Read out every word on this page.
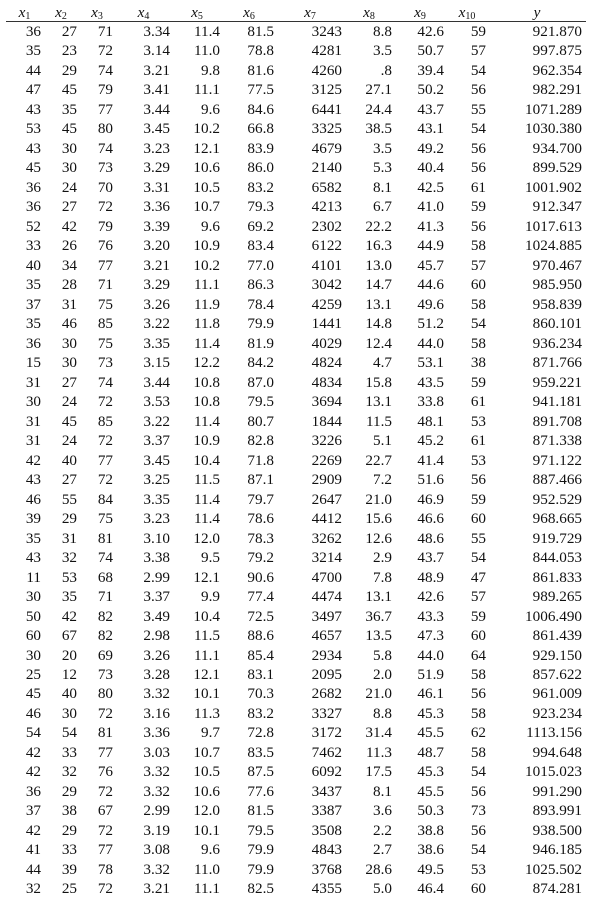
$x_1$	$x_2$	$x_3$	$x_4$	$x_5$	$x_6$	$x_7$	$x_8$	$x_9$	$x_{10}$	y
36	27	71	3.34	11.4	81.5	3243	8.8	42.6	59	921.870
35	23	72	3.14	11.0	78.8	4281	3.5	50.7	57	997.875
44	29	74	3.21	9.8	81.6	4260	.8	39.4	54	962.354
47	45	79	3.41	11.1	77.5	3125	27.1	50.2	56	982.291
43	35	77	3.44	9.6	84.6	6441	24.4	43.7	55	1071.289
53	45	80	3.45	10.2	66.8	3325	38.5	43.1	54	1030.380
43	30	74	3.23	12.1	83.9	4679	3.5	49.2	56	934.700
45	30	73	3.29	10.6	86.0	2140	5.3	40.4	56	899.529
36	24	70	3.31	10.5	83.2	6582	8.1	42.5	61	1001.902
36	27	72	3.36	10.7	79.3	4213	6.7	41.0	59	912.347
52	42	79	3.39	9.6	69.2	2302	22.2	41.3	56	1017.613
33	26	76	3.20	10.9	83.4	6122	16.3	44.9	58	1024.885
40	34	77	3.21	10.2	77.0	4101	13.0	45.7	57	970.467
35	28	71	3.29	11.1	86.3	3042	14.7	44.6	60	985.950
37	31	75	3.26	11.9	78.4	4259	13.1	49.6	58	958.839
35	46	85	3.22	11.8	79.9	1441	14.8	51.2	54	860.101
36	30	75	3.35	11.4	81.9	4029	12.4	44.0	58	936.234
15	30	73	3.15	12.2	84.2	4824	4.7	53.1	38	871.766
31	27	74	3.44	10.8	87.0	4834	15.8	43.5	59	959.221
30	24	72	3.53	10.8	79.5	3694	13.1	33.8	61	941.181
31	45	85	3.22	11.4	80.7	1844	11.5	48.1	53	891.708
31	24	72	3.37	10.9	82.8	3226	5.1	45.2	61	871.338
42	40	77	3.45	10.4	71.8	2269	22.7	41.4	53	971.122
43	27	72	3.25	11.5	87.1	2909	7.2	51.6	56	887.466
46	55	84	3.35	11.4	79.7	2647	21.0	46.9	59	952.529
39	29	75	3.23	11.4	78.6	4412	15.6	46.6	60	968.665
35	31	81	3.10	12.0	78.3	3262	12.6	48.6	55	919.729
43	32	74	3.38	9.5	79.2	3214	2.9	43.7	54	844.053
11	53	68	2.99	12.1	90.6	4700	7.8	48.9	47	861.833
30	35	71	3.37	9.9	77.4	4474	13.1	42.6	57	989.265
50	42	82	3.49	10.4	72.5	3497	36.7	43.3	59	1006.490
60	67	82	2.98	11.5	88.6	4657	13.5	47.3	60	861.439
30	20	69	3.26	11.1	85.4	2934	5.8	44.0	64	929.150
25	12	73	3.28	12.1	83.1	2095	2.0	51.9	58	857.622
45	40	80	3.32	10.1	70.3	2682	21.0	46.1	56	961.009
46	30	72	3.16	11.3	83.2	3327	8.8	45.3	58	923.234
54	54	81	3.36	9.7	72.8	3172	31.4	45.5	62	1113.156
42	33	77	3.03	10.7	83.5	7462	11.3	48.7	58	994.648
42	32	76	3.32	10.5	87.5	6092	17.5	45.3	54	1015.023
36	29	72	3.32	10.6	77.6	3437	8.1	45.5	56	991.290
37	38	67	2.99	12.0	81.5	3387	3.6	50.3	73	893.991
42	29	72	3.19	10.1	79.5	3508	2.2	38.8	56	938.500
41	33	77	3.08	9.6	79.9	4843	2.7	38.6	54	946.185
44	39	78	3.32	11.0	79.9	3768	28.6	49.5	53	1025.502
32	25	72	3.21	11.1	82.5	4355	5.0	46.4	60	874.281
